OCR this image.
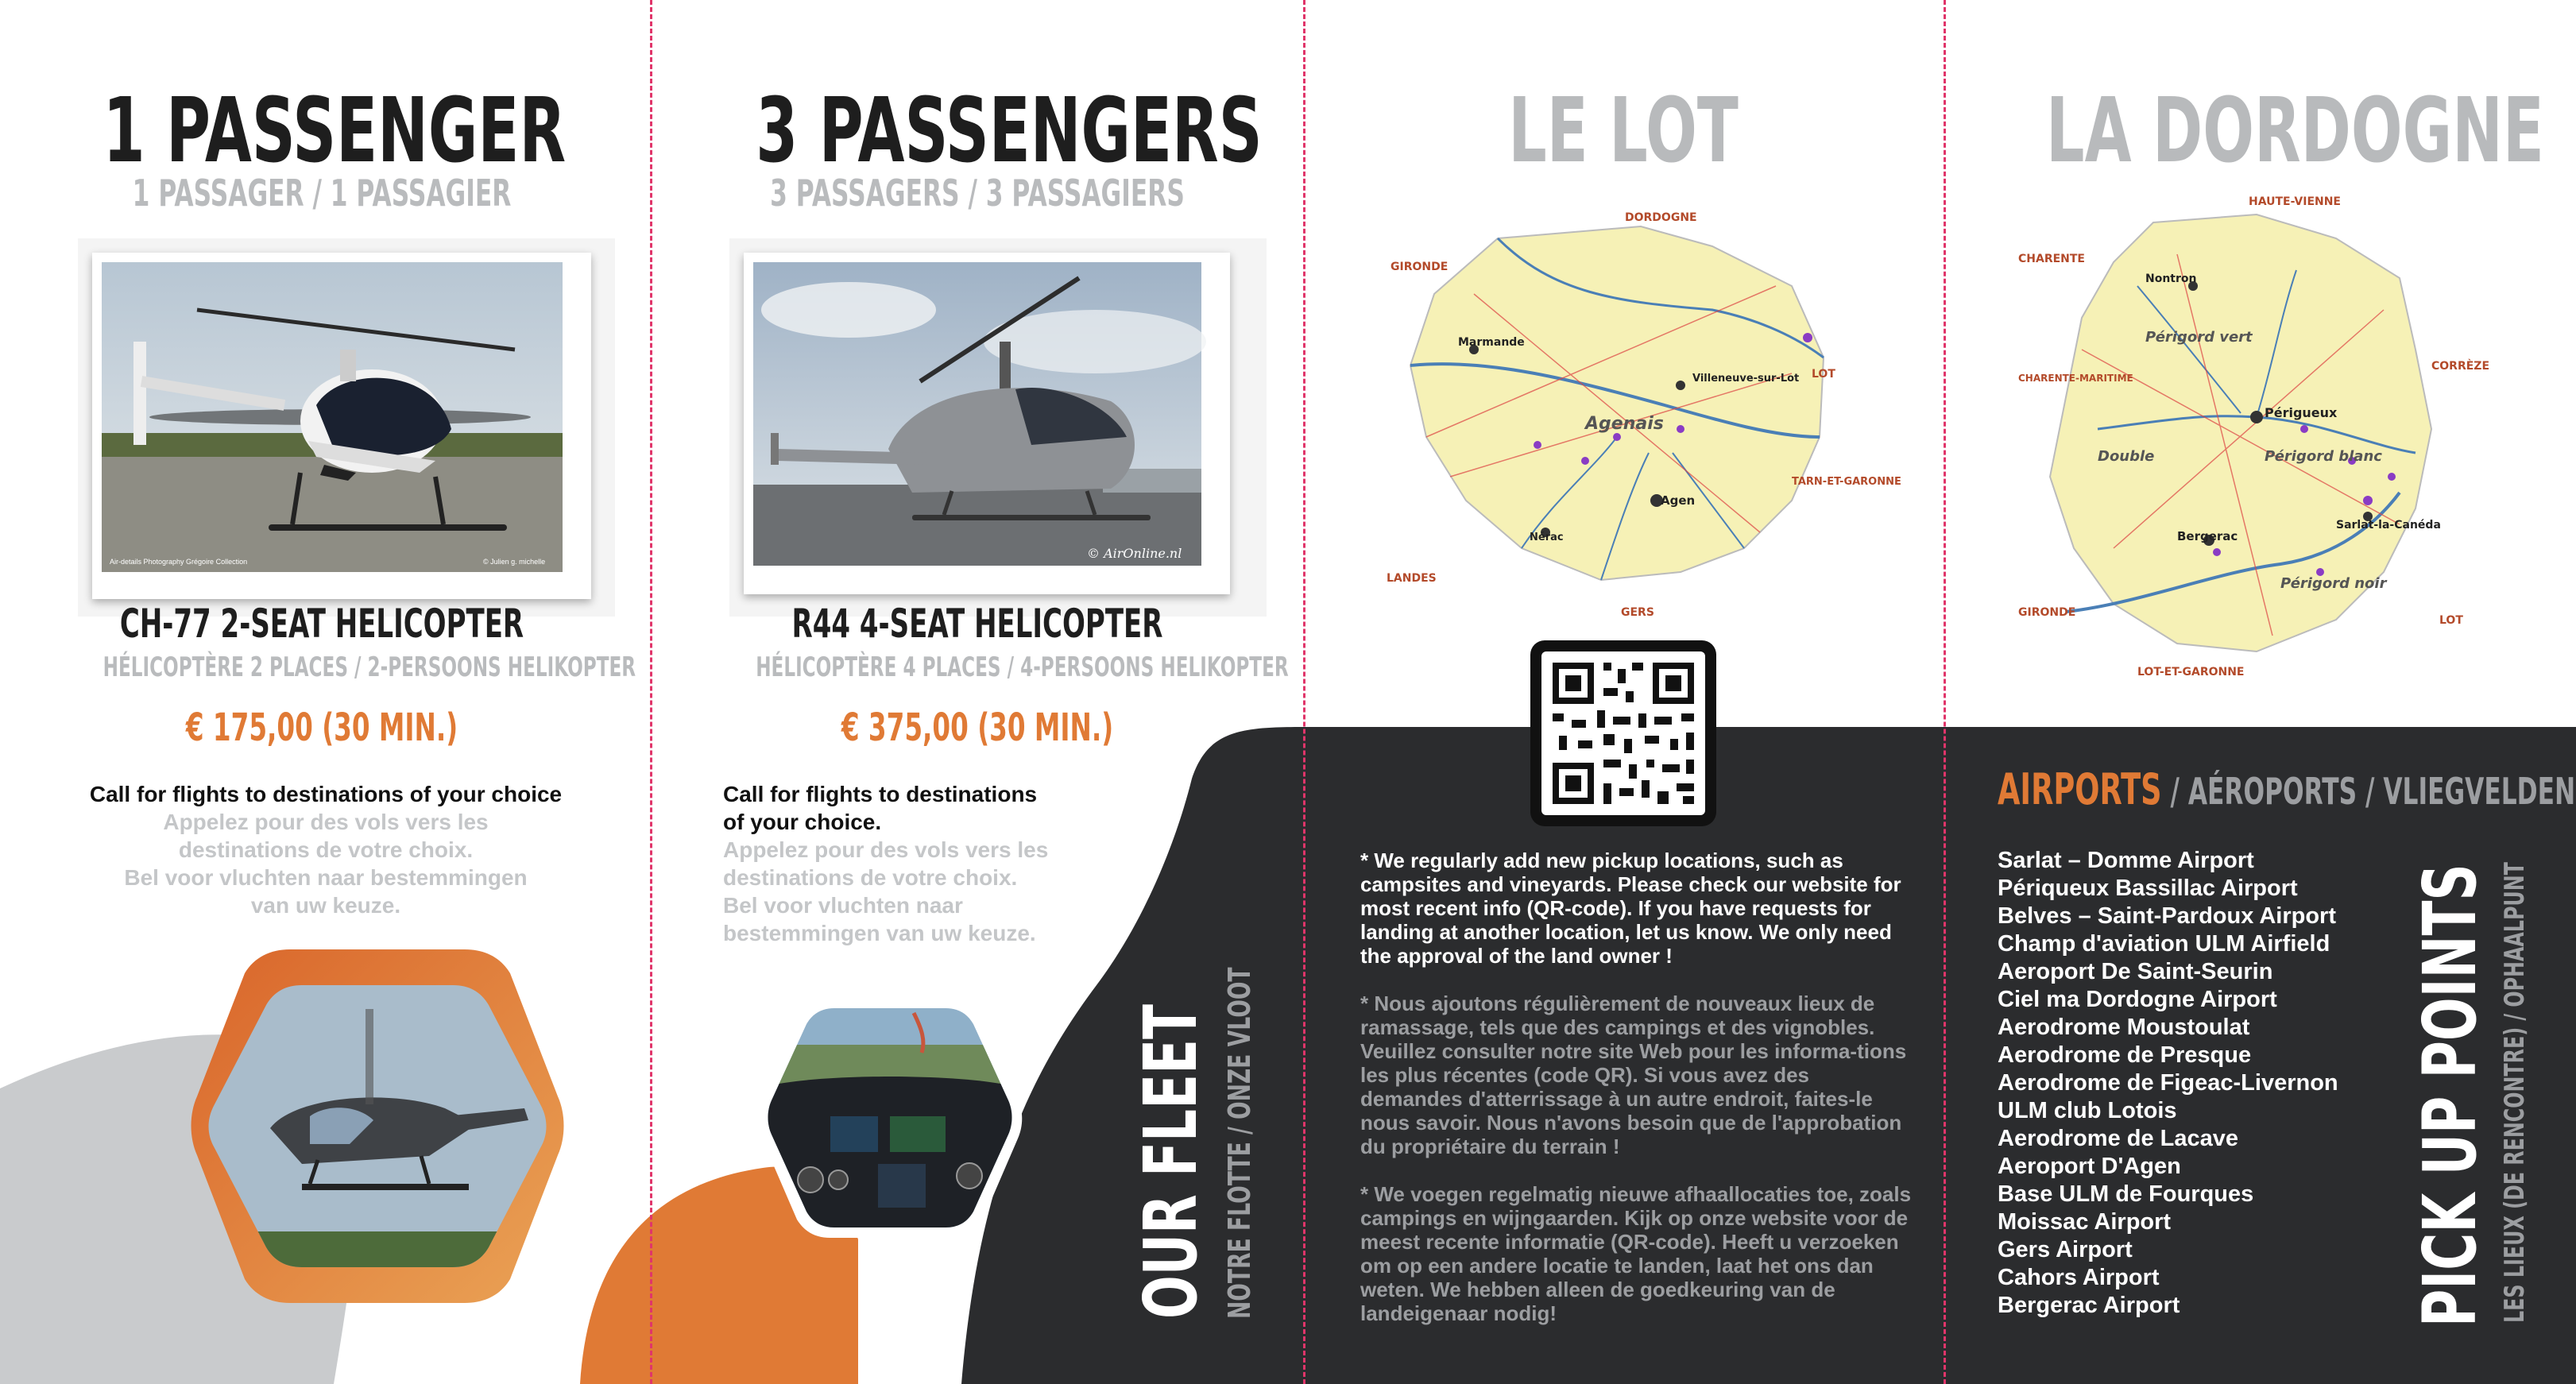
1 PASSENGER
1 PASSAGER / 1 PASSAGIER
Air-details Photography Grégoire Collection	© Julien g. michelle
CH-77 2-SEAT HELICOPTER
HÉLICOPTÈRE 2 PLACES / 2-PERSOONS HELIKOPTER
€ 175,00 (30 MIN.)
Call for flights to destinations of your choice
Appelez pour des vols vers les destinations de votre choix.
Bel voor vluchten naar bestemmingen van uw keuze.
3 PASSENGERS
3 PASSAGERS / 3 PASSAGIERS
© AirOnline.nl
R44 4-SEAT HELICOPTER
HÉLICOPTÈRE 4 PLACES / 4-PERSOONS HELIKOPTER
€ 375,00 (30 MIN.)
Call for flights to destinations of your choice.
Appelez pour des vols vers les destinations de votre choix.
Bel voor vluchten naar bestemmingen van uw keuze.
OUR FLEET NOTRE FLOTTE / ONZE VLOOT
LE LOT
DORDOGNE
GIRONDE
LOT
TARN-ET-GARONNE
LANDES
GERS
Agen
Villeneuve-sur-Lot
Marmande
Nérac
Agenais

* We regularly add new pickup locations, such as campsites and vineyards. Please check our website for most recent info (QR-code). If you have requests for landing at another location, let us know. We only need the approval of the land owner !

* Nous ajoutons régulièrement de nouveaux lieux de ramassage, tels que des campings et des vignobles. Veuillez consulter notre site Web pour les informa-tions les plus récentes (code QR). Si vous avez des demandes d'atterrissage à un autre endroit, faites-le nous savoir. Nous n'avons besoin que de l'approbation du propriétaire du terrain !

* We voegen regelmatig nieuwe afhaallocaties toe, zoals campings en wijngaarden. Kijk op onze website voor de meest recente informatie (QR-code). Heeft u verzoeken om op een andere locatie te landen, laat het ons dan weten. We hebben alleen de goedkeuring van de landeigenaar nodig!

LA DORDOGNE
HAUTE-VIENNE
CHARENTE
CHARENTE-MARITIME
CORRÈZE
GIRONDE
LOT
LOT-ET-GARONNE
Périgueux
Bergerac
Sarlat-la-Canéda
Nontron
Périgord noir
Périgord blanc
Périgord vert
Double
AIRPORTS / AÉROPORTS / VLIEGVELDEN
Sarlat – Domme Airport
Périqueux Bassillac Airport
Belves – Saint-Pardoux Airport
Champ d'aviation ULM Airfield
Aeroport De Saint-Seurin
Ciel ma Dordogne Airport
Aerodrome Moustoulat
Aerodrome de Presque
Aerodrome de Figeac-Livernon
ULM club Lotois
Aerodrome de Lacave
Aeroport D'Agen
Base ULM de Fourques
Moissac Airport
Gers Airport
Cahors Airport
Bergerac Airport	PICK UP POINTS LES LIEUX (DE RENCONTRE) / OPHAALPUNT
